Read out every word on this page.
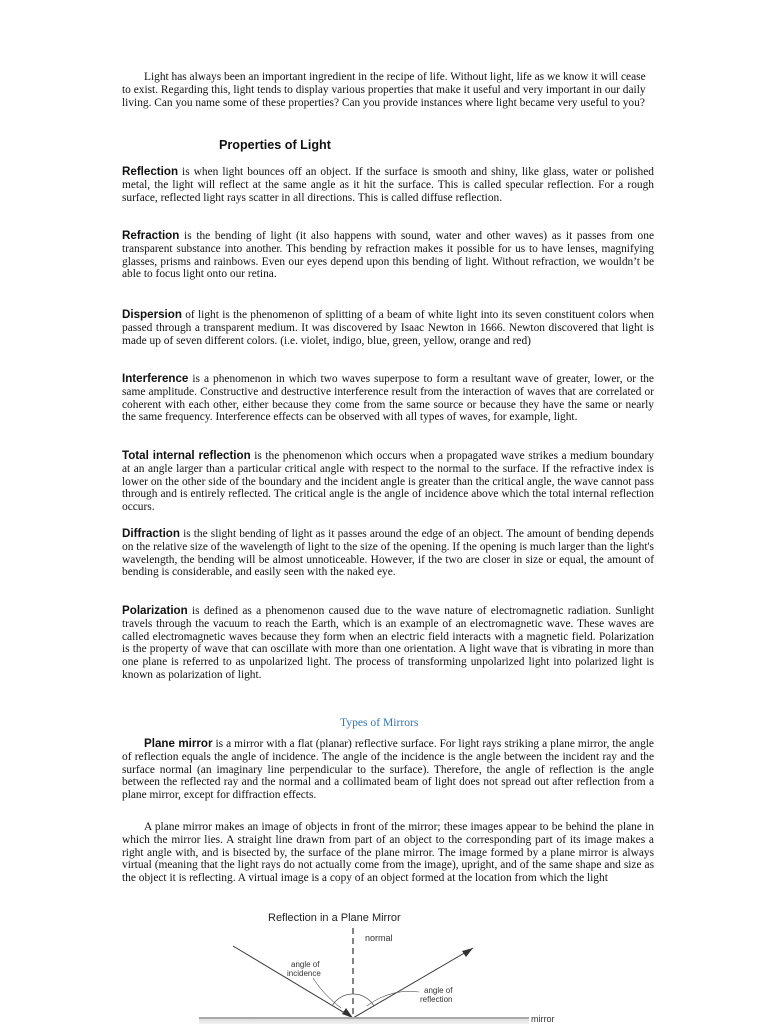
Light has always been an important ingredient in the recipe of life. Without light, life as we know it will cease to exist. Regarding this, light tends to display various properties that make it useful and very important in our daily living. Can you name some of these properties? Can you provide instances where light became very useful to you?
Properties of Light
Reflection is when light bounces off an object. If the surface is smooth and shiny, like glass, water or polished metal, the light will reflect at the same angle as it hit the surface. This is called specular reflection. For a rough surface, reflected light rays scatter in all directions. This is called diffuse reflection.
Refraction is the bending of light (it also happens with sound, water and other waves) as it passes from one transparent substance into another. This bending by refraction makes it possible for us to have lenses, magnifying glasses, prisms and rainbows. Even our eyes depend upon this bending of light. Without refraction, we wouldn’t be able to focus light onto our retina.
Dispersion of light is the phenomenon of splitting of a beam of white light into its seven constituent colors when passed through a transparent medium. It was discovered by Isaac Newton in 1666. Newton discovered that light is made up of seven different colors. (i.e. violet, indigo, blue, green, yellow, orange and red)
Interference is a phenomenon in which two waves superpose to form a resultant wave of greater, lower, or the same amplitude. Constructive and destructive interference result from the interaction of waves that are correlated or coherent with each other, either because they come from the same source or because they have the same or nearly the same frequency. Interference effects can be observed with all types of waves, for example, light.
Total internal reflection is the phenomenon which occurs when a propagated wave strikes a medium boundary at an angle larger than a particular critical angle with respect to the normal to the surface. If the refractive index is lower on the other side of the boundary and the incident angle is greater than the critical angle, the wave cannot pass through and is entirely reflected. The critical angle is the angle of incidence above which the total internal reflection occurs.
Diffraction is the slight bending of light as it passes around the edge of an object. The amount of bending depends on the relative size of the wavelength of light to the size of the opening. If the opening is much larger than the light's wavelength, the bending will be almost unnoticeable. However, if the two are closer in size or equal, the amount of bending is considerable, and easily seen with the naked eye.
Polarization is defined as a phenomenon caused due to the wave nature of electromagnetic radiation. Sunlight travels through the vacuum to reach the Earth, which is an example of an electromagnetic wave. These waves are called electromagnetic waves because they form when an electric field interacts with a magnetic field. Polarization is the property of wave that can oscillate with more than one orientation. A light wave that is vibrating in more than one plane is referred to as unpolarized light. The process of transforming unpolarized light into polarized light is known as polarization of light.
Types of Mirrors
Plane mirror is a mirror with a flat (planar) reflective surface. For light rays striking a plane mirror, the angle of reflection equals the angle of incidence. The angle of the incidence is the angle between the incident ray and the surface normal (an imaginary line perpendicular to the surface). Therefore, the angle of reflection is the angle between the reflected ray and the normal and a collimated beam of light does not spread out after reflection from a plane mirror, except for diffraction effects.
A plane mirror makes an image of objects in front of the mirror; these images appear to be behind the plane in which the mirror lies. A straight line drawn from part of an object to the corresponding part of its image makes a right angle with, and is bisected by, the surface of the plane mirror. The image formed by a plane mirror is always virtual (meaning that the light rays do not actually come from the image), upright, and of the same shape and size as the object it is reflecting. A virtual image is a copy of an object formed at the location from which the light
Reflection in a Plane Mirror
normal
angle of
incidence
angle of
reflection
mirror
